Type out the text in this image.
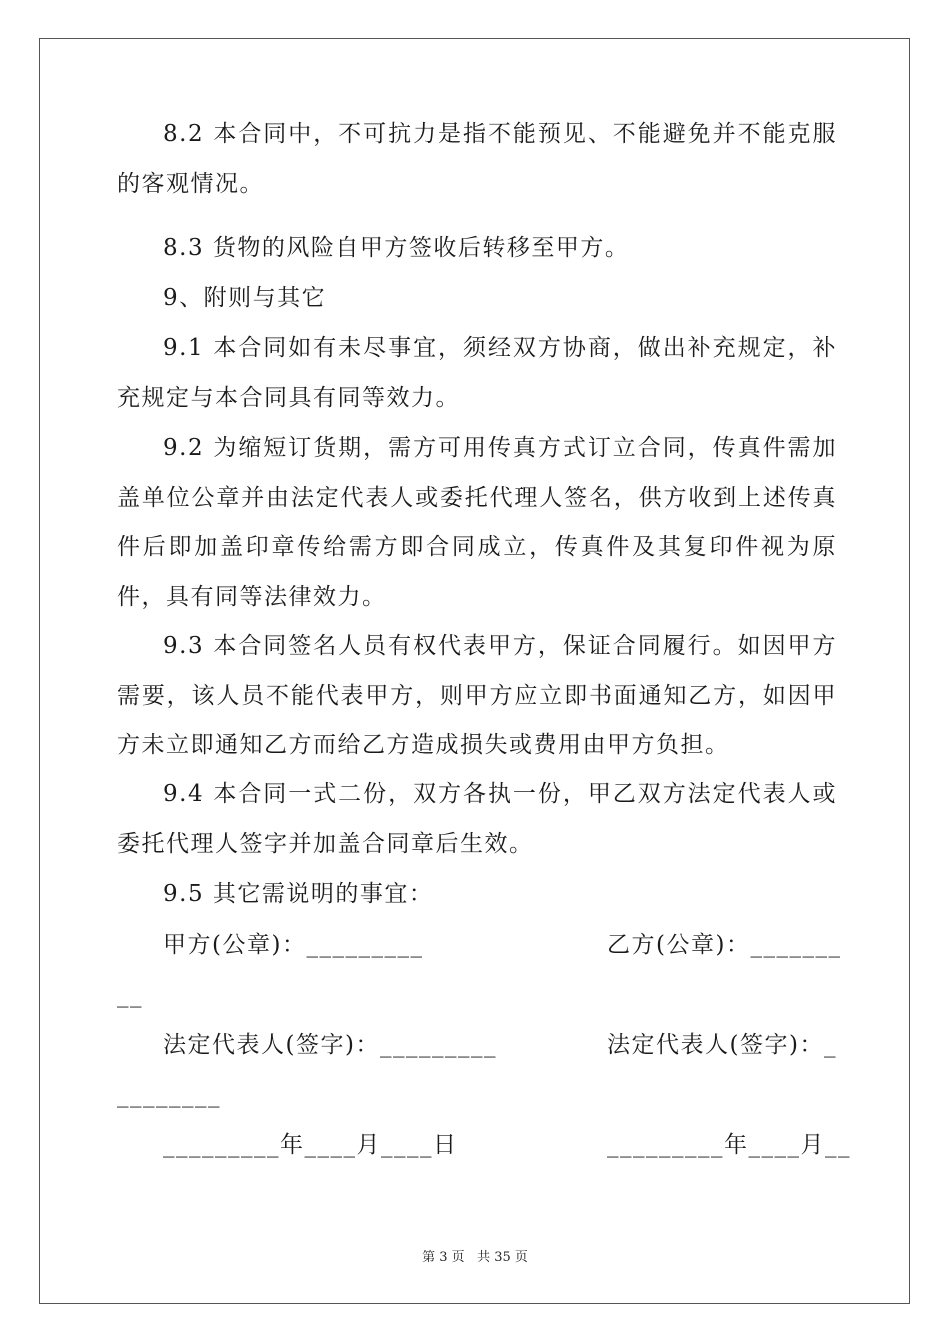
8.2 本合同中，不可抗力是指不能预见、不能避免并不能克服的客观情况。

8.3 货物的风险自甲方签收后转移至甲方。

9、附则与其它

9.1 本合同如有未尽事宜，须经双方协商，做出补充规定，补充规定与本合同具有同等效力。

9.2 为缩短订货期，需方可用传真方式订立合同，传真件需加盖单位公章并由法定代表人或委托代理人签名，供方收到上述传真件后即加盖印章传给需方即合同成立，传真件及其复印件视为原件，具有同等法律效力。

9.3 本合同签名人员有权代表甲方，保证合同履行。如因甲方需要，该人员不能代表甲方，则甲方应立即书面通知乙方，如因甲方未立即通知乙方而给乙方造成损失或费用由甲方负担。

9.4 本合同一式二份，双方各执一份，甲乙双方法定代表人或委托代理人签字并加盖合同章后生效。

9.5 其它需说明的事宜：

甲方(公章)：_________	乙方(公章)：_______
__
法定代表人(签字)：_________	法定代表人(签字)：_
________
_________年____月____日	_________年____月__
第 3 页 共 35 页
